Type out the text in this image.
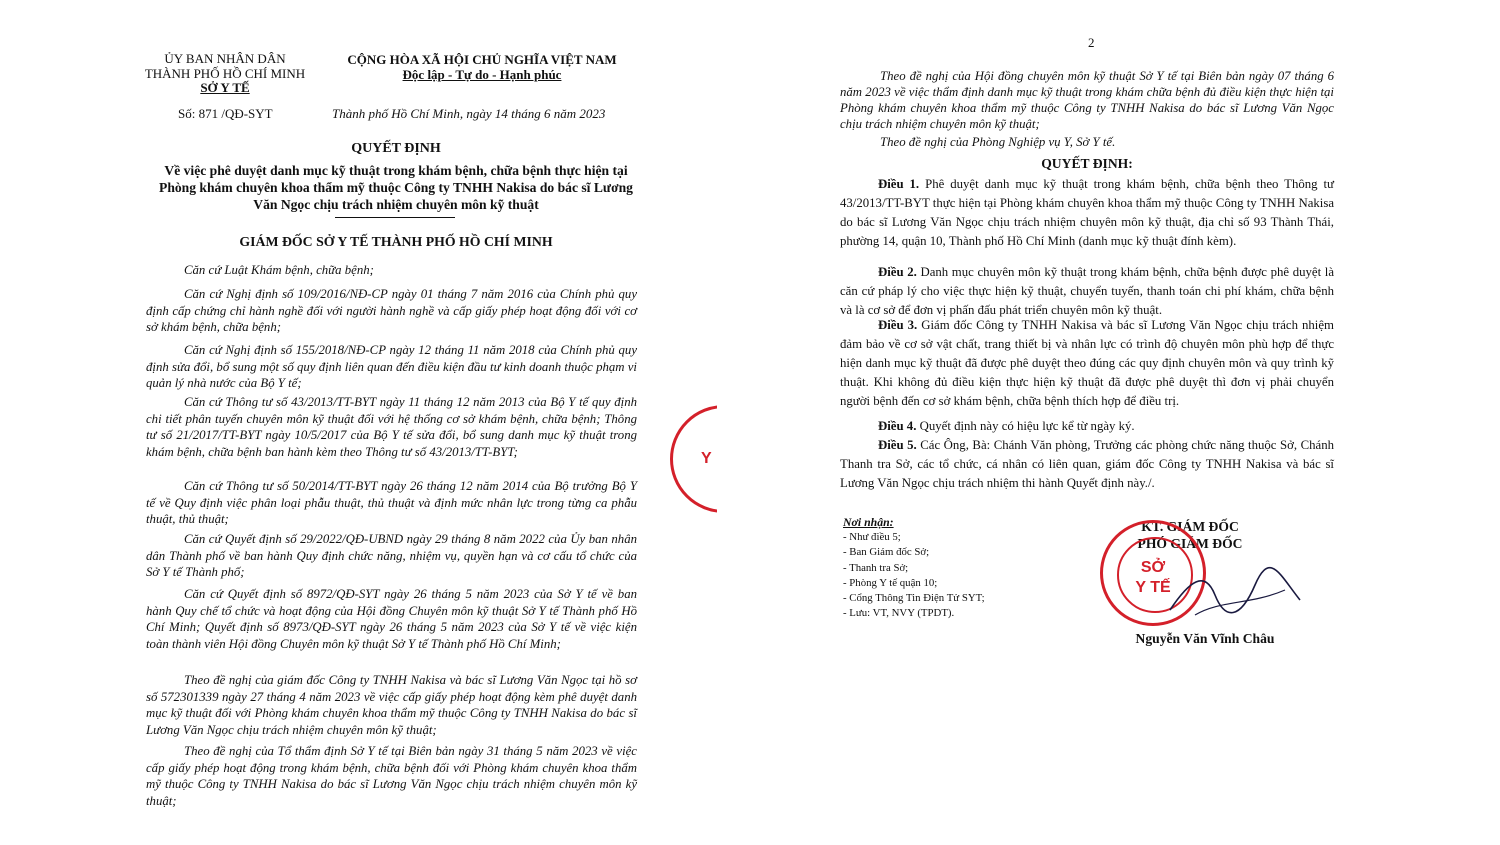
ỦY BAN NHÂN DÂN
THÀNH PHỐ HỒ CHÍ MINH
SỞ Y TẾ
Số: 871 /QĐ-SYT
CỘNG HÒA XÃ HỘI CHỦ NGHĨA VIỆT NAM
Độc lập - Tự do - Hạnh phúc
Thành phố Hồ Chí Minh, ngày 14 tháng 6 năm 2023
QUYẾT ĐỊNH
Về việc phê duyệt danh mục kỹ thuật trong khám bệnh, chữa bệnh thực hiện tại
Phòng khám chuyên khoa thẩm mỹ thuộc Công ty TNHH Nakisa do bác sĩ Lương
Văn Ngọc chịu trách nhiệm chuyên môn kỹ thuật
GIÁM ĐỐC SỞ Y TẾ THÀNH PHỐ HỒ CHÍ MINH

Căn cứ Luật Khám bệnh, chữa bệnh;

Căn cứ Nghị định số 109/2016/NĐ-CP ngày 01 tháng 7 năm 2016 của Chính phủ quy định cấp chứng chỉ hành nghề đối với người hành nghề và cấp giấy phép hoạt động đối với cơ sở khám bệnh, chữa bệnh;

Căn cứ Nghị định số 155/2018/NĐ-CP ngày 12 tháng 11 năm 2018 của Chính phủ quy định sửa đổi, bổ sung một số quy định liên quan đến điều kiện đầu tư kinh doanh thuộc phạm vi quản lý nhà nước của Bộ Y tế;

Căn cứ Thông tư số 43/2013/TT-BYT ngày 11 tháng 12 năm 2013 của Bộ Y tế quy định chi tiết phân tuyến chuyên môn kỹ thuật đối với hệ thống cơ sở khám bệnh, chữa bệnh; Thông tư số 21/2017/TT-BYT ngày 10/5/2017 của Bộ Y tế sửa đổi, bổ sung danh mục kỹ thuật trong khám bệnh, chữa bệnh ban hành kèm theo Thông tư số 43/2013/TT-BYT;

Căn cứ Thông tư số 50/2014/TT-BYT ngày 26 tháng 12 năm 2014 của Bộ trưởng Bộ Y tế về Quy định việc phân loại phẫu thuật, thủ thuật và định mức nhân lực trong từng ca phẫu thuật, thủ thuật;

Căn cứ Quyết định số 29/2022/QĐ-UBND ngày 29 tháng 8 năm 2022 của Ủy ban nhân dân Thành phố về ban hành Quy định chức năng, nhiệm vụ, quyền hạn và cơ cấu tổ chức của Sở Y tế Thành phố;

Căn cứ Quyết định số 8972/QĐ-SYT ngày 26 tháng 5 năm 2023 của Sở Y tế về ban hành Quy chế tổ chức và hoạt động của Hội đồng Chuyên môn kỹ thuật Sở Y tế Thành phố Hồ Chí Minh; Quyết định số 8973/QĐ-SYT ngày 26 tháng 5 năm 2023 của Sở Y tế về việc kiện toàn thành viên Hội đồng Chuyên môn kỹ thuật Sở Y tế Thành phố Hồ Chí Minh;

Theo đề nghị của giám đốc Công ty TNHH Nakisa và bác sĩ Lương Văn Ngọc tại hồ sơ số 572301339 ngày 27 tháng 4 năm 2023 về việc cấp giấy phép hoạt động kèm phê duyệt danh mục kỹ thuật đối với Phòng khám chuyên khoa thẩm mỹ thuộc Công ty TNHH Nakisa do bác sĩ Lương Văn Ngọc chịu trách nhiệm chuyên môn kỹ thuật;

Theo đề nghị của Tổ thẩm định Sở Y tế tại Biên bản ngày 31 tháng 5 năm 2023 về việc cấp giấy phép hoạt động trong khám bệnh, chữa bệnh đối với Phòng khám chuyên khoa thẩm mỹ thuộc Công ty TNHH Nakisa do bác sĩ Lương Văn Ngọc chịu trách nhiệm chuyên môn kỹ thuật;

Y
2

Theo đề nghị của Hội đồng chuyên môn kỹ thuật Sở Y tế tại Biên bản ngày 07 tháng 6 năm 2023 về việc thẩm định danh mục kỹ thuật trong khám chữa bệnh đủ điều kiện thực hiện tại Phòng khám chuyên khoa thẩm mỹ thuộc Công ty TNHH Nakisa do bác sĩ Lương Văn Ngọc chịu trách nhiệm chuyên môn kỹ thuật;

Theo đề nghị của Phòng Nghiệp vụ Y, Sở Y tế.

QUYẾT ĐỊNH:

Điều 1. Phê duyệt danh mục kỹ thuật trong khám bệnh, chữa bệnh theo Thông tư 43/2013/TT-BYT thực hiện tại Phòng khám chuyên khoa thẩm mỹ thuộc Công ty TNHH Nakisa do bác sĩ Lương Văn Ngọc chịu trách nhiệm chuyên môn kỹ thuật, địa chỉ số 93 Thành Thái, phường 14, quận 10, Thành phố Hồ Chí Minh (danh mục kỹ thuật đính kèm).

Điều 2. Danh mục chuyên môn kỹ thuật trong khám bệnh, chữa bệnh được phê duyệt là căn cứ pháp lý cho việc thực hiện kỹ thuật, chuyển tuyến, thanh toán chi phí khám, chữa bệnh và là cơ sở để đơn vị phấn đấu phát triển chuyên môn kỹ thuật.

Điều 3. Giám đốc Công ty TNHH Nakisa và bác sĩ Lương Văn Ngọc chịu trách nhiệm đảm bảo về cơ sở vật chất, trang thiết bị và nhân lực có trình độ chuyên môn phù hợp để thực hiện danh mục kỹ thuật đã được phê duyệt theo đúng các quy định chuyên môn và quy trình kỹ thuật. Khi không đủ điều kiện thực hiện kỹ thuật đã được phê duyệt thì đơn vị phải chuyển người bệnh đến cơ sở khám bệnh, chữa bệnh thích hợp để điều trị.

Điều 4. Quyết định này có hiệu lực kể từ ngày ký.

Điều 5. Các Ông, Bà: Chánh Văn phòng, Trưởng các phòng chức năng thuộc Sở, Chánh Thanh tra Sở, các tổ chức, cá nhân có liên quan, giám đốc Công ty TNHH Nakisa và bác sĩ Lương Văn Ngọc chịu trách nhiệm thi hành Quyết định này./.

Nơi nhận:
- Như điều 5;
- Ban Giám đốc Sở;
- Thanh tra Sở;
- Phòng Y tế quận 10;
- Cổng Thông Tin Điện Tử SYT;
- Lưu: VT, NVY (TPDT).
KT. GIÁM ĐỐC
PHÓ GIÁM ĐỐC
SỞ
Y TẾ
Nguyễn Văn Vĩnh Châu
